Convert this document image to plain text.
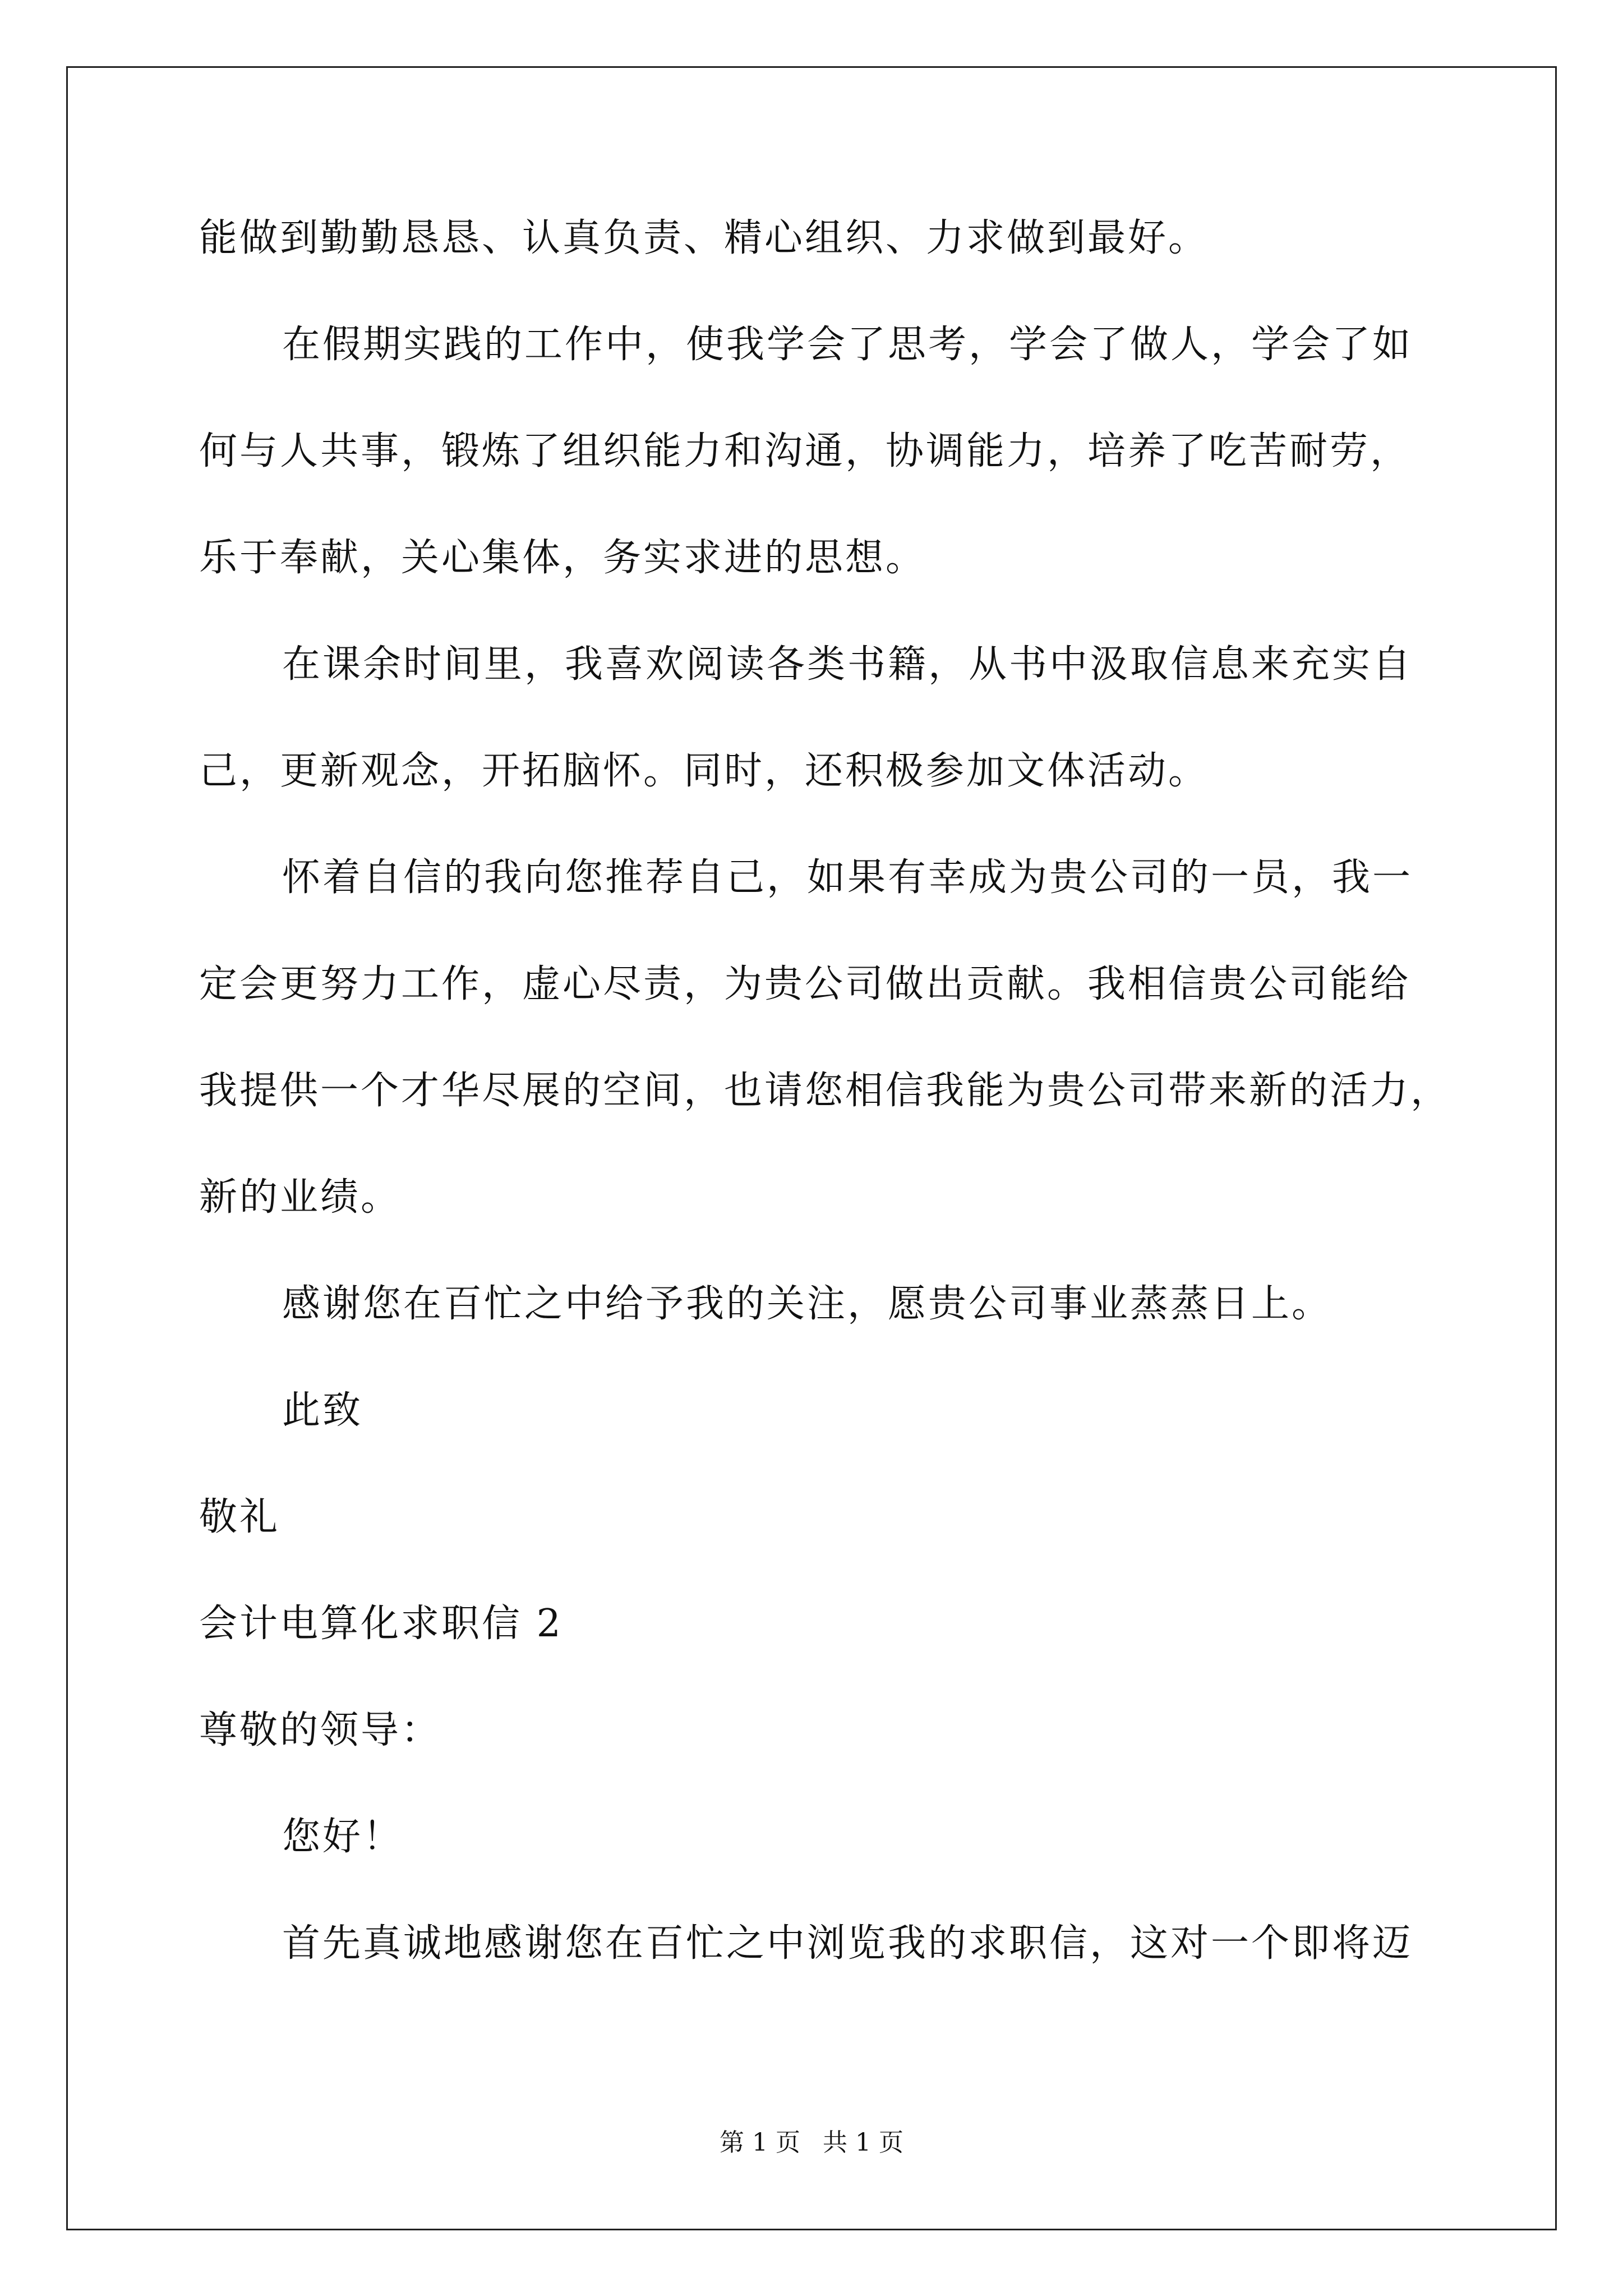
能做到勤勤恳恳、认真负责、精心组织、力求做到最好。

在假期实践的工作中，使我学会了思考，学会了做人，学会了如

何与人共事，锻炼了组织能力和沟通，协调能力，培养了吃苦耐劳，

乐于奉献，关心集体，务实求进的思想。

在课余时间里，我喜欢阅读各类书籍，从书中汲取信息来充实自

己，更新观念，开拓脑怀。同时，还积极参加文体活动。

怀着自信的我向您推荐自己，如果有幸成为贵公司的一员，我一

定会更努力工作，虚心尽责，为贵公司做出贡献。我相信贵公司能给

我提供一个才华尽展的空间，也请您相信我能为贵公司带来新的活力，

新的业绩。

感谢您在百忙之中给予我的关注，愿贵公司事业蒸蒸日上。

此致

敬礼

会计电算化求职信 2

尊敬的领导：

您好！

首先真诚地感谢您在百忙之中浏览我的求职信，这对一个即将迈

第 1 页 共 1 页
